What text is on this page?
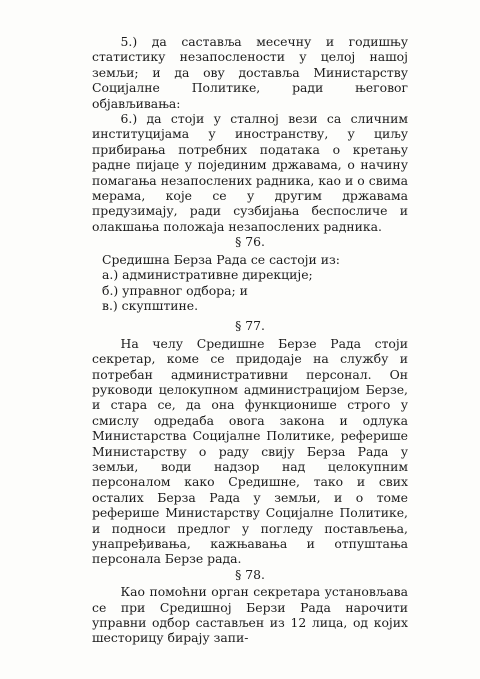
5.) да састављa месечну и годишњу статистику незапослености у целој нашој земљи; и да ову доставља Министарству Социјалне Политике, ради његовог објављивања:

6.) да стоји у сталној вези са сличним институцијама у иностранству, у циљу прибирања потребних података о кретању радне пијаце у појединим државама, о начину помагања незапослених радника, као и о свима мерама, које се у другим државама предузимају, ради сузбијања беспосличе и олакшања положаја незапослених радника.

§ 76.

Средишна Берза Рада се састоји из:

а.) административне дирекције;

б.) управног одбора; и

в.) скупштине.

§ 77.

На челу Средишне Берзе Рада стоји секретар, коме се придодаје на службу и потребан административни персонал. Он руководи целокупном администрацијом Берзе, и стара се, да она функционише строго у смислу одредаба овога закона и одлука Министарства Социјалне Политике, реферише Министарству о раду свију Берза Рада у земљи, води надзор над целокупним персоналом како Средишне, тако и свих осталих Берза Рада у земљи, и о томе реферише Министарству Социјалне Политике, и подноси предлог у погледу постављења, унапређивања, кажњавања и отпуштања персонала Берзе рада.

§ 78.

Као помоћни орган секретара установљава се при Средишној Берзи Рада нарочити управни одбор састављен из 12 лица, од којих шесторицу бирају запи-
